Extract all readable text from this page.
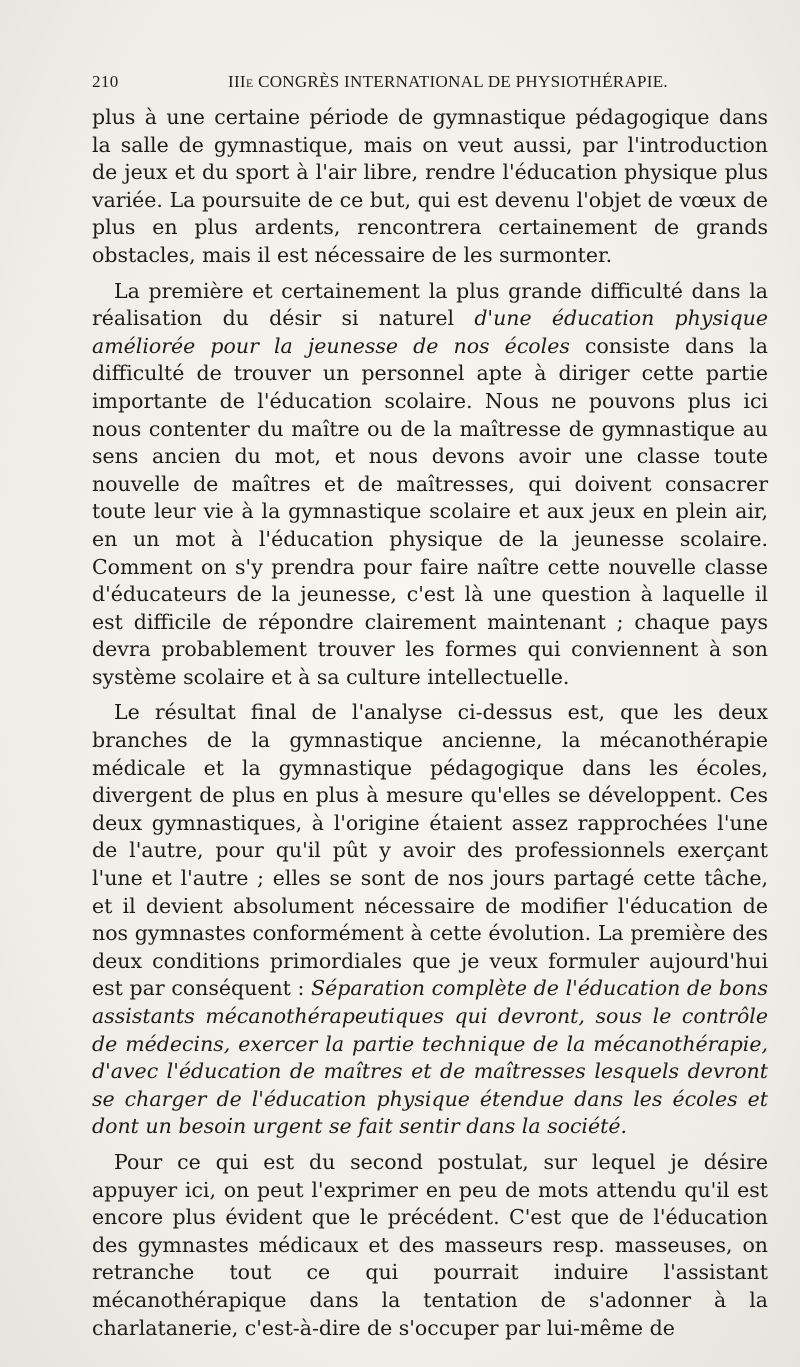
210	IIIe CONGRÈS INTERNATIONAL DE PHYSIOTHÉRAPIE.

plus à une certaine période de gymnastique pédagogique dans la salle de gymnastique, mais on veut aussi, par l'introduction de jeux et du sport à l'air libre, rendre l'éducation physique plus variée. La poursuite de ce but, qui est devenu l'objet de vœux de plus en plus ardents, rencontrera certainement de grands obstacles, mais il est nécessaire de les surmonter.

La première et certainement la plus grande difficulté dans la réalisation du désir si naturel d'une éducation physique améliorée pour la jeunesse de nos écoles consiste dans la difficulté de trouver un personnel apte à diriger cette partie importante de l'éducation scolaire. Nous ne pouvons plus ici nous contenter du maître ou de la maîtresse de gymnastique au sens ancien du mot, et nous devons avoir une classe toute nouvelle de maîtres et de maîtresses, qui doivent consacrer toute leur vie à la gymnastique scolaire et aux jeux en plein air, en un mot à l'éducation physique de la jeunesse scolaire. Comment on s'y prendra pour faire naître cette nouvelle classe d'éducateurs de la jeunesse, c'est là une question à laquelle il est difficile de répondre clairement maintenant ; chaque pays devra probablement trouver les formes qui conviennent à son système scolaire et à sa culture intellectuelle.

Le résultat final de l'analyse ci-dessus est, que les deux branches de la gymnastique ancienne, la mécanothérapie médicale et la gymnastique pédagogique dans les écoles, divergent de plus en plus à mesure qu'elles se développent. Ces deux gymnastiques, à l'origine étaient assez rapprochées l'une de l'autre, pour qu'il pût y avoir des professionnels exerçant l'une et l'autre ; elles se sont de nos jours partagé cette tâche, et il devient absolument nécessaire de modifier l'éducation de nos gymnastes conformément à cette évolution. La première des deux conditions primordiales que je veux formuler aujourd'hui est par conséquent : Séparation complète de l'éducation de bons assistants mécanothérapeutiques qui devront, sous le contrôle de médecins, exercer la partie technique de la mécanothérapie, d'avec l'éducation de maîtres et de maîtresses lesquels devront se charger de l'éducation physique étendue dans les écoles et dont un besoin urgent se fait sentir dans la société.

Pour ce qui est du second postulat, sur lequel je désire appuyer ici, on peut l'exprimer en peu de mots attendu qu'il est encore plus évident que le précédent. C'est que de l'éducation des gymnastes médicaux et des masseurs resp. masseuses, on retranche tout ce qui pourrait induire l'assistant mécanothérapique dans la tentation de s'adonner à la charlatanerie, c'est-à-dire de s'occuper par lui-même de
